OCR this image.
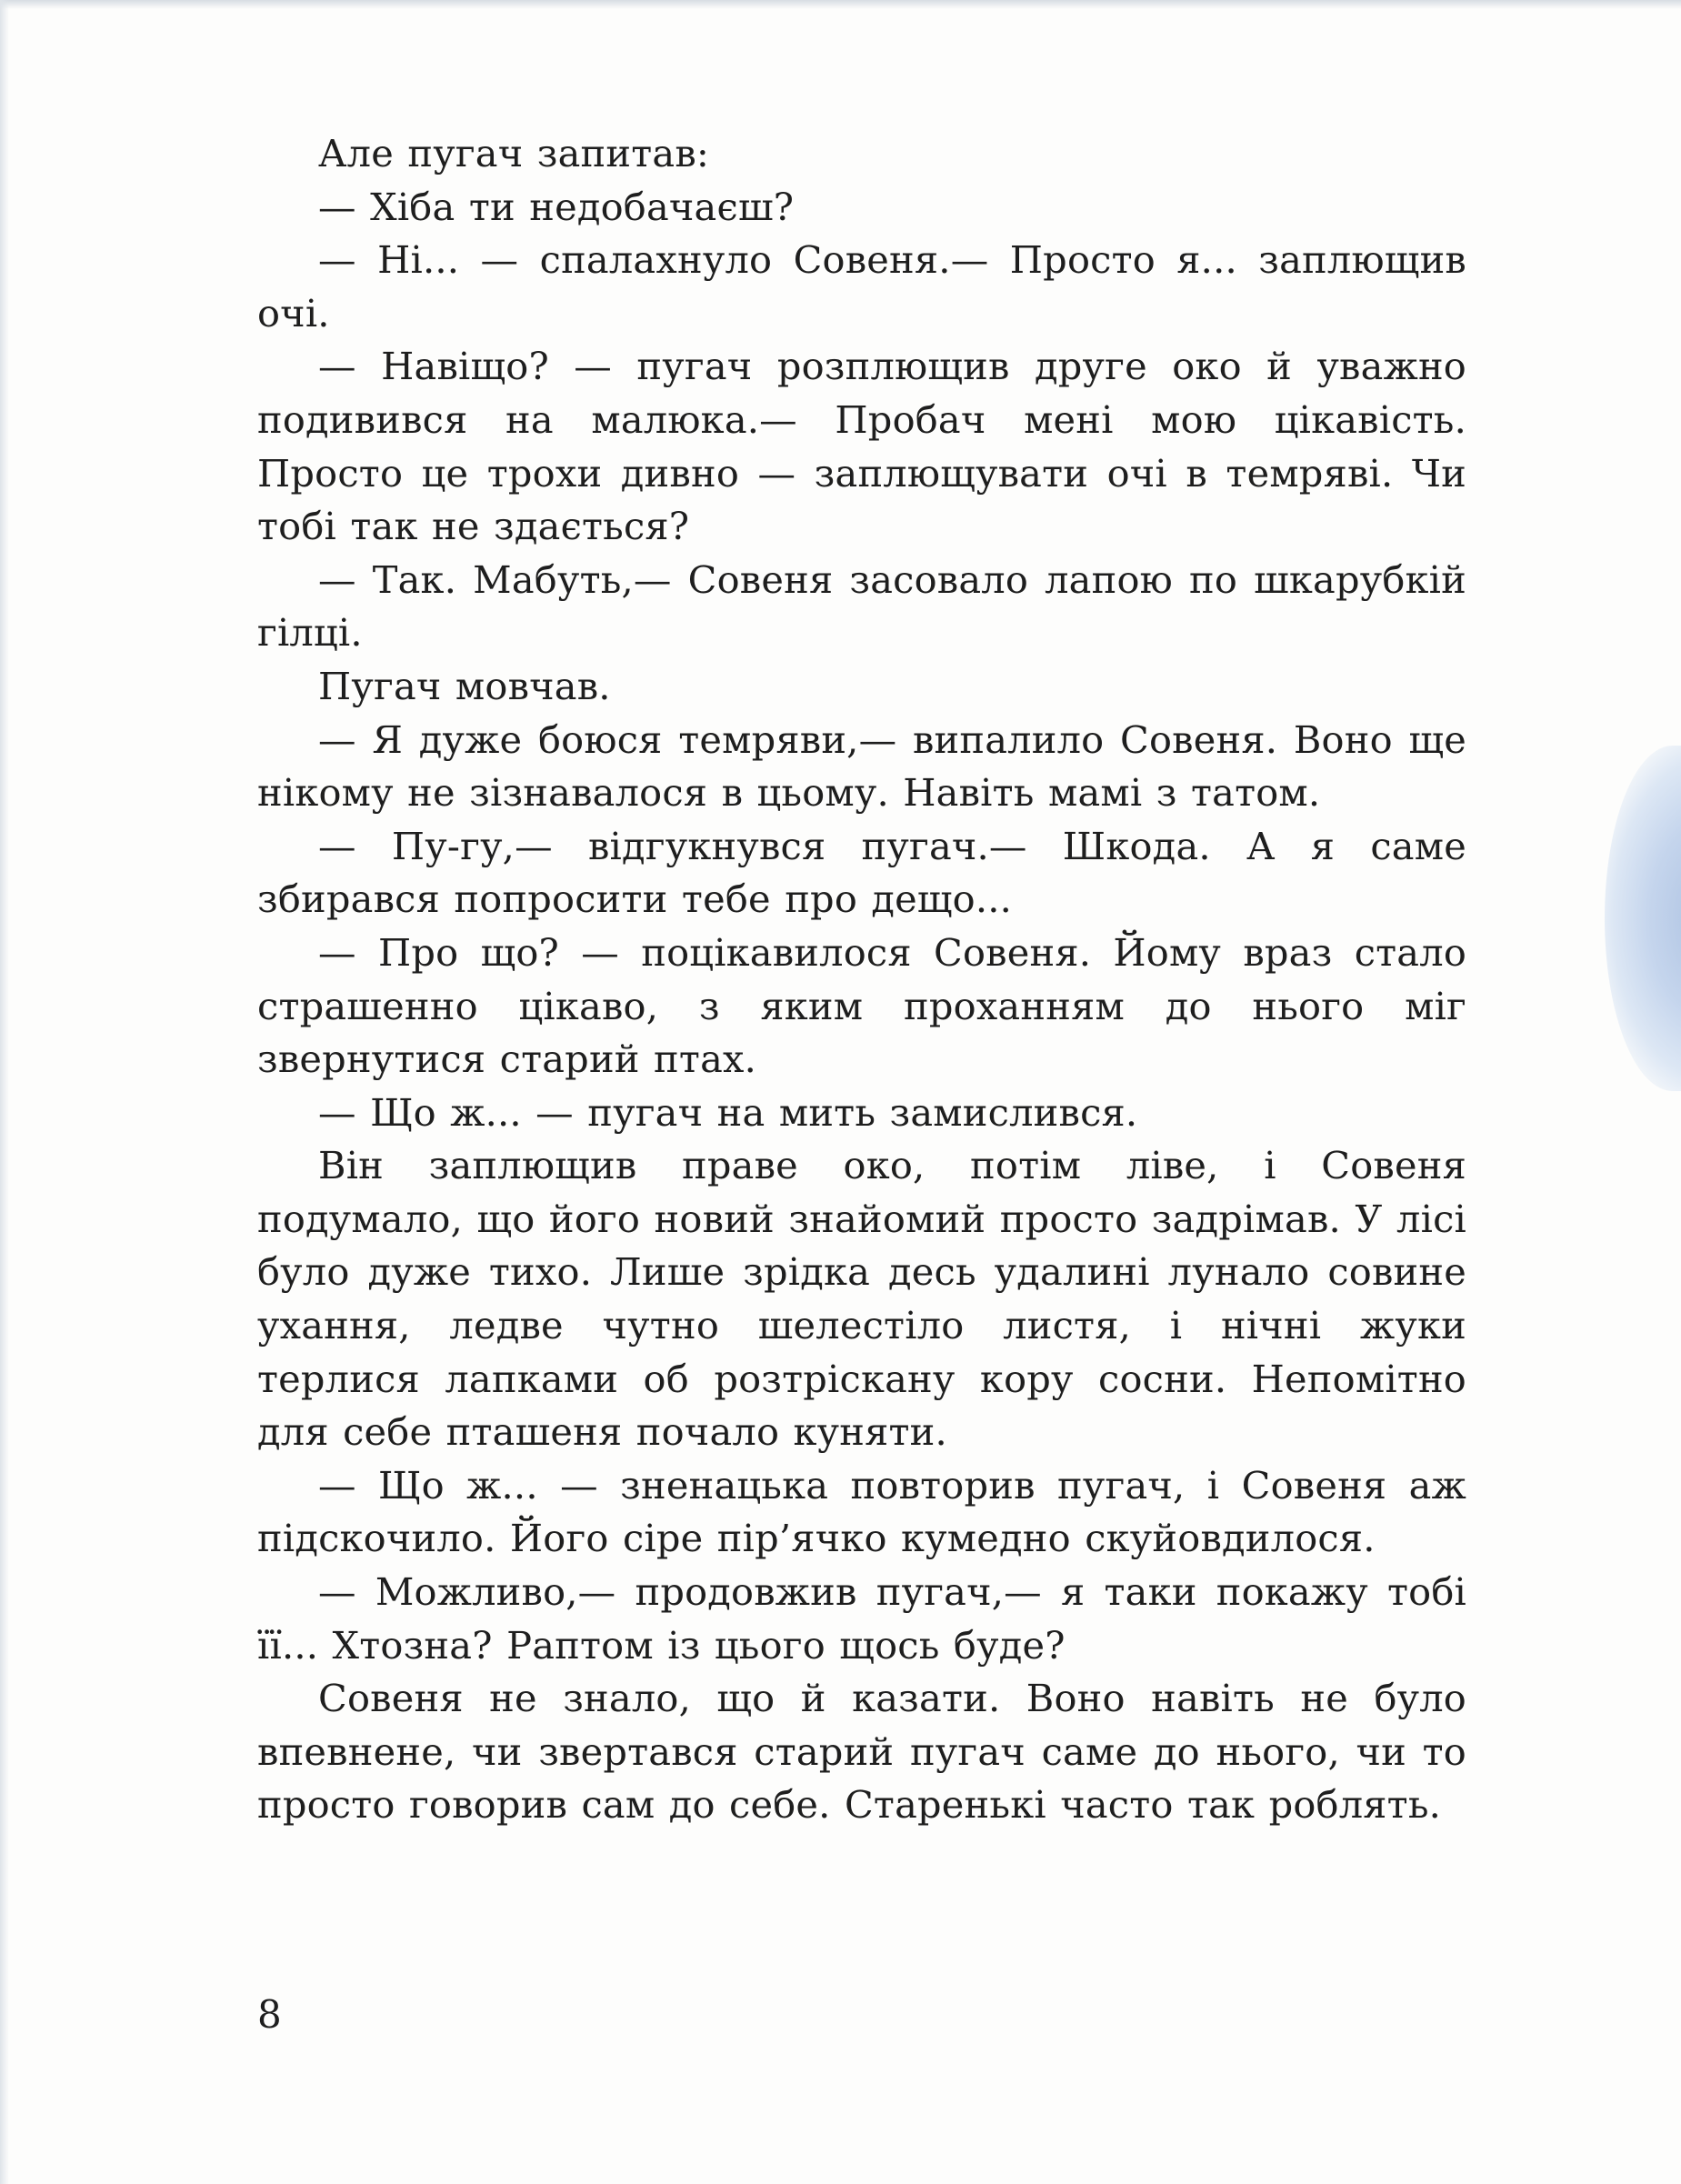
Але пугач запитав:

— Хіба ти недобачаєш?

— Ні... — спалахнуло Совеня.— Просто я... заплющив очі.

— Навіщо? — пугач розплющив друге око й уважно подивився на малюка.— Пробач мені мою цікавість. Просто це трохи дивно — заплющувати очі в темряві. Чи тобі так не здається?

— Так. Мабуть,— Совеня засовало лапою по шкарубкій гілці.

Пугач мовчав.

— Я дуже боюся темряви,— випалило Совеня. Воно ще нікому не зізнавалося в цьому. Навіть мамі з татом.

— Пу-гу,— відгукнувся пугач.— Шкода. А я саме збирався попросити тебе про дещо...

— Про що? — поцікавилося Совеня. Йому враз стало страшенно цікаво, з яким проханням до нього міг звернутися старий птах.

— Що ж... — пугач на мить замислився.

Він заплющив праве око, потім ліве, і Совеня подумало, що його новий знайомий просто задрімав. У лісі було дуже тихо. Лише зрідка десь удалині лунало совине ухання, ледве чутно шелестіло листя, і нічні жуки терлися лапками об розтріскану кору сосни. Непомітно для себе пташеня почало куняти.

— Що ж... — зненацька повторив пугач, і Совеня аж підскочило. Його сіре пір’ячко кумедно скуйовдилося.

— Можливо,— продовжив пугач,— я таки покажу тобі її... Хтозна? Раптом із цього щось буде?

Совеня не знало, що й казати. Воно навіть не було впевнене, чи звертався старий пугач саме до нього, чи то просто говорив сам до себе. Старенькі часто так роблять.

8
